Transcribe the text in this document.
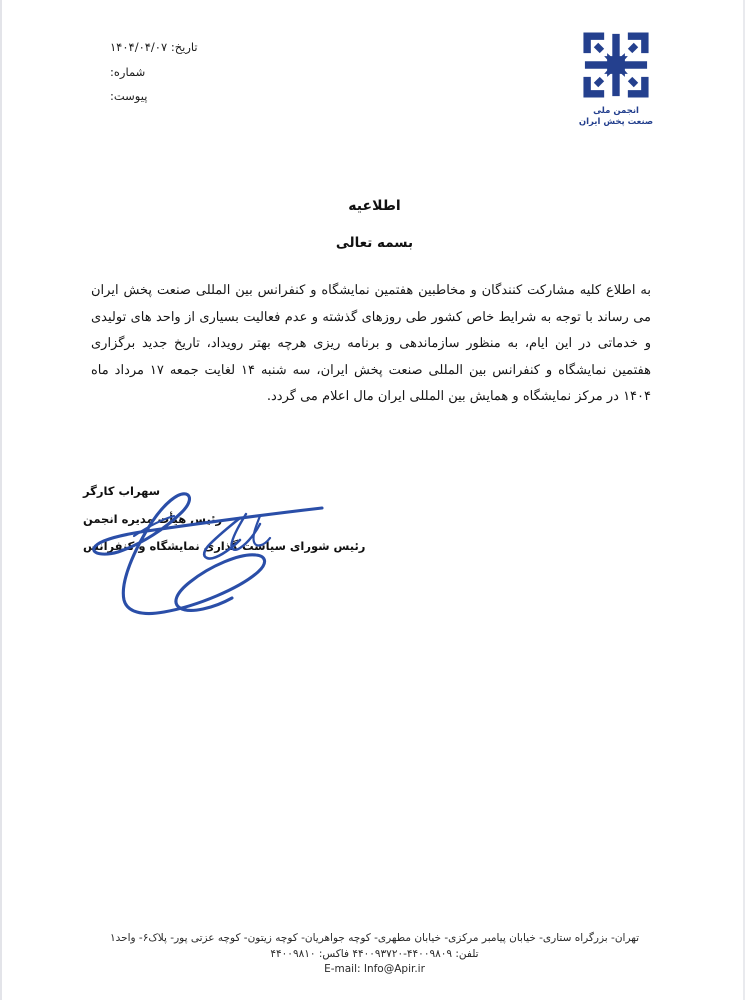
تاریخ: ۱۴۰۴/۰۴/۰۷
شماره:
پیوست:
انجمن ملی
صنعت پخش ایران
اطلاعیه
بسمه تعالی

به اطلاع کلیه مشارکت کنندگان و مخاطبین هفتمین نمایشگاه و کنفرانس بین المللی صنعت پخش ایران می رساند با توجه به شرایط خاص کشور طی روزهای گذشته و عدم فعالیت بسیاری از واحد های تولیدی و خدماتی در این ایام، به منظور سازماندهی و برنامه ریزی هرچه بهتر رویداد، تاریخ جدید برگزاری هفتمین نمایشگاه و کنفرانس بین المللی صنعت پخش ایران، سه شنبه ۱۴ لغایت جمعه ۱۷ مرداد ماه ۱۴۰۴ در مرکز نمایشگاه و همایش بین المللی ایران مال اعلام می گردد.

سهراب کارگر
رئیس هیأت مدیره انجمن
رئیس شورای سیاست گذاری نمایشگاه و کنفرانس
تهران- بزرگراه ستاری- خیابان پیامبر مرکزی- خیابان مطهری- کوچه جواهریان- کوچه زیتون- کوچه عزتی پور- پلاک۶- واحد۱
تلفن: ۴۴۰۰۹۸۰۹-۴۴۰۰۹۳۷۲۰ فاکس: ۴۴۰۰۹۸۱۰
E-mail: Info@Apir.ir
